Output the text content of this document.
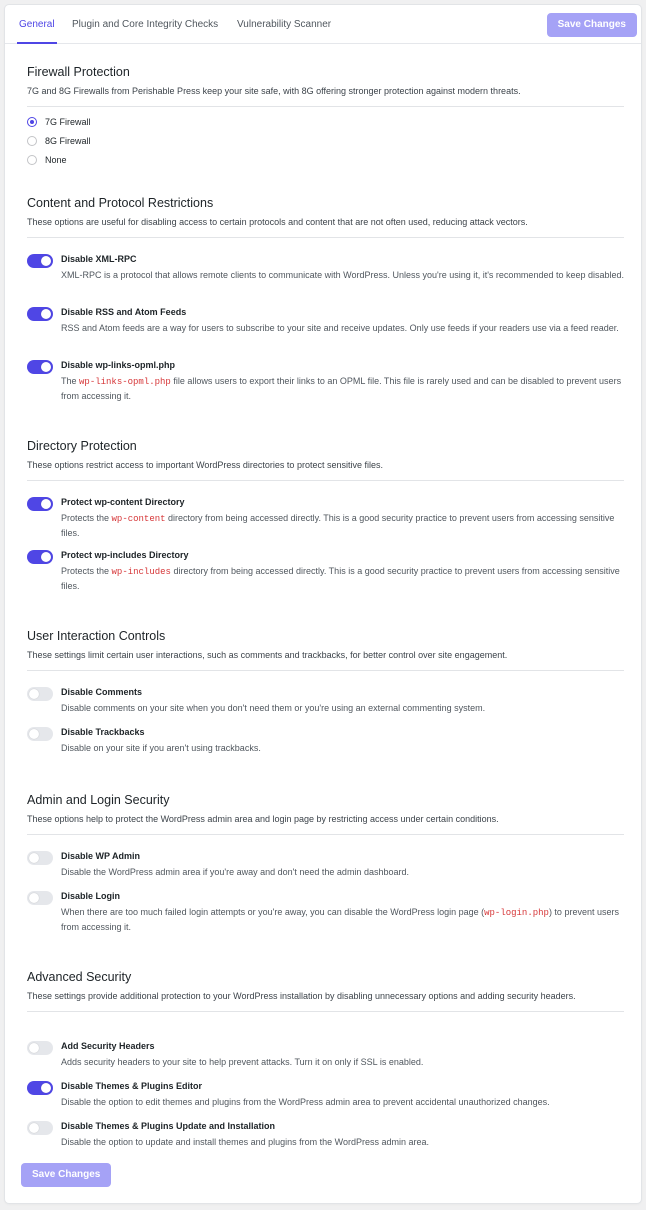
General Plugin and Core Integrity Checks Vulnerability Scanner	Save Changes
Firewall Protection
7G and 8G Firewalls from Perishable Press keep your site safe, with 8G offering stronger protection against modern threats.
7G Firewall
8G Firewall
None
Content and Protocol Restrictions
These options are useful for disabling access to certain protocols and content that are not often used, reducing attack vectors.
Disable XML-RPC
XML-RPC is a protocol that allows remote clients to communicate with WordPress. Unless you're using it, it's recommended to keep disabled.
Disable RSS and Atom Feeds
RSS and Atom feeds are a way for users to subscribe to your site and receive updates. Only use feeds if your readers use via a feed reader.
Disable wp-links-opml.php
The wp-links-opml.php file allows users to export their links to an OPML file. This file is rarely used and can be disabled to prevent users from accessing it.
Directory Protection
These options restrict access to important WordPress directories to protect sensitive files.
Protect wp-content Directory
Protects the wp-content directory from being accessed directly. This is a good security practice to prevent users from accessing sensitive files.
Protect wp-includes Directory
Protects the wp-includes directory from being accessed directly. This is a good security practice to prevent users from accessing sensitive files.
User Interaction Controls
These settings limit certain user interactions, such as comments and trackbacks, for better control over site engagement.
Disable Comments
Disable comments on your site when you don't need them or you're using an external commenting system.
Disable Trackbacks
Disable on your site if you aren't using trackbacks.
Admin and Login Security
These options help to protect the WordPress admin area and login page by restricting access under certain conditions.
Disable WP Admin
Disable the WordPress admin area if you're away and don't need the admin dashboard.
Disable Login
When there are too much failed login attempts or you're away, you can disable the WordPress login page (wp-login.php) to prevent users from accessing it.
Advanced Security
These settings provide additional protection to your WordPress installation by disabling unnecessary options and adding security headers.
Add Security Headers
Adds security headers to your site to help prevent attacks. Turn it on only if SSL is enabled.
Disable Themes & Plugins Editor
Disable the option to edit themes and plugins from the WordPress admin area to prevent accidental unauthorized changes.
Disable Themes & Plugins Update and Installation
Disable the option to update and install themes and plugins from the WordPress admin area.
Save Changes
